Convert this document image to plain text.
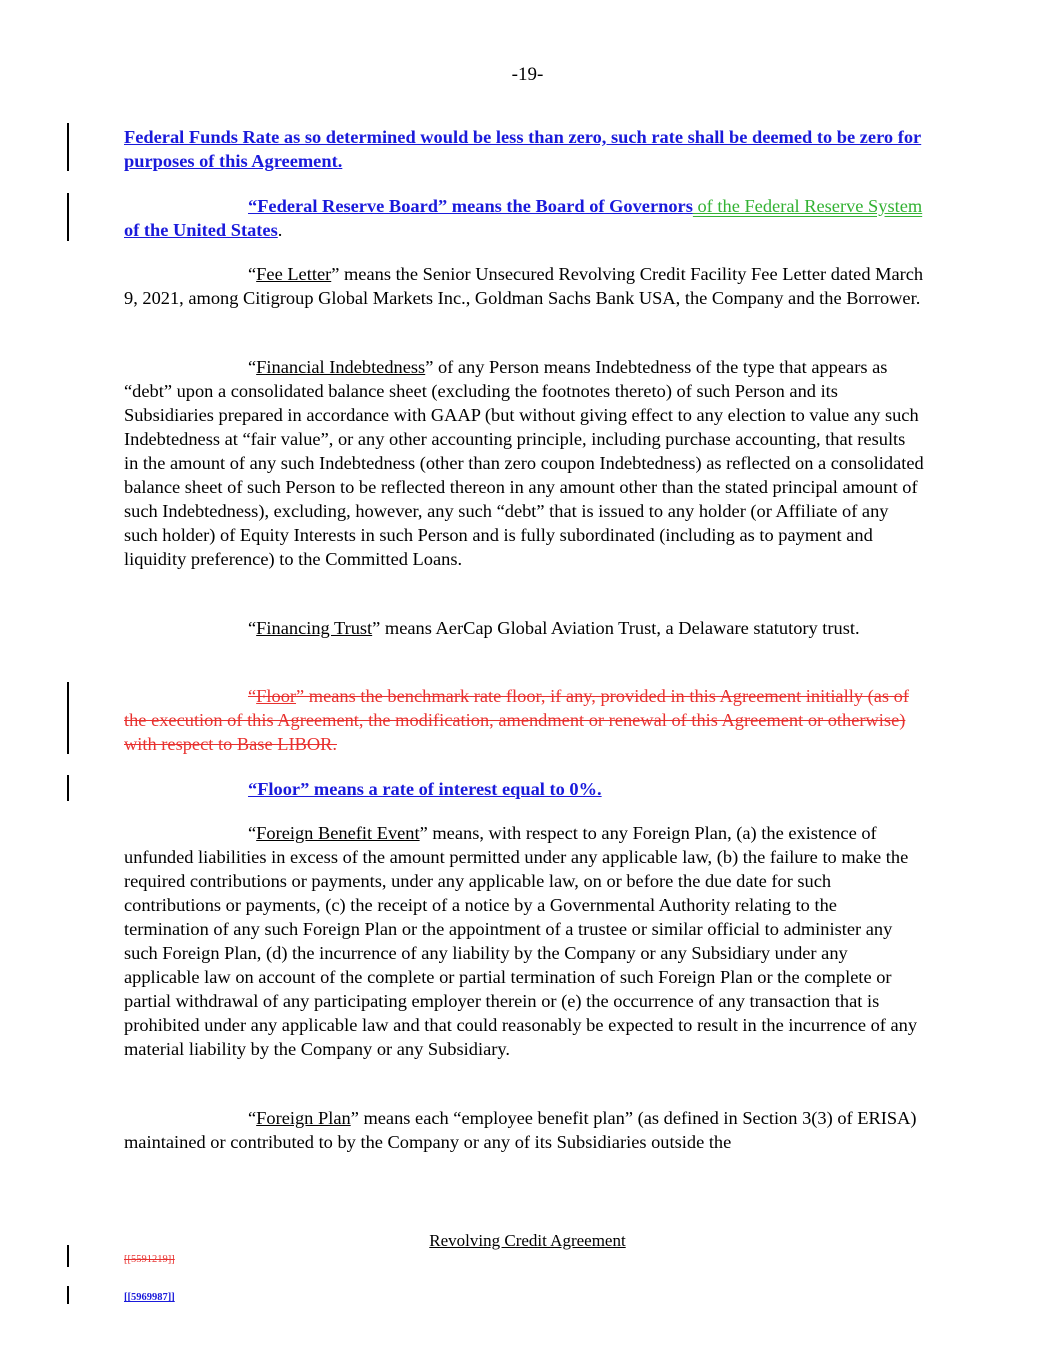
-19-

Federal Funds Rate as so determined would be less than zero, such rate shall be deemed to be zero for purposes of this Agreement.

“Federal Reserve Board” means the Board of Governors of the Federal Reserve System of the United States.

“Fee Letter” means the Senior Unsecured Revolving Credit Facility Fee Letter dated March 9, 2021, among Citigroup Global Markets Inc., Goldman Sachs Bank USA, the Company and the Borrower.

“Financial Indebtedness” of any Person means Indebtedness of the type that appears as “debt” upon a consolidated balance sheet (excluding the footnotes thereto) of such Person and its Subsidiaries prepared in accordance with GAAP (but without giving effect to any election to value any such Indebtedness at “fair value”, or any other accounting principle, including purchase accounting, that results in the amount of any such Indebtedness (other than zero coupon Indebtedness) as reflected on a consolidated balance sheet of such Person to be reflected thereon in any amount other than the stated principal amount of such Indebtedness), excluding, however, any such “debt” that is issued to any holder (or Affiliate of any such holder) of Equity Interests in such Person and is fully subordinated (including as to payment and liquidity preference) to the Committed Loans.

“Financing Trust” means AerCap Global Aviation Trust, a Delaware statutory trust.

“Floor” means the benchmark rate floor, if any, provided in this Agreement initially (as of the execution of this Agreement, the modification, amendment or renewal of this Agreement or otherwise) with respect to Base LIBOR.

“Floor” means a rate of interest equal to 0%.

“Foreign Benefit Event” means, with respect to any Foreign Plan, (a) the existence of unfunded liabilities in excess of the amount permitted under any applicable law, (b) the failure to make the required contributions or payments, under any applicable law, on or before the due date for such contributions or payments, (c) the receipt of a notice by a Governmental Authority relating to the termination of any such Foreign Plan or the appointment of a trustee or similar official to administer any such Foreign Plan, (d) the incurrence of any liability by the Company or any Subsidiary under any applicable law on account of the complete or partial termination of such Foreign Plan or the complete or partial withdrawal of any participating employer therein or (e) the occurrence of any transaction that is prohibited under any applicable law and that could reasonably be expected to result in the incurrence of any material liability by the Company or any Subsidiary.

“Foreign Plan” means each “employee benefit plan” (as defined in Section 3(3) of ERISA) maintained or contributed to by the Company or any of its Subsidiaries outside the

Revolving Credit Agreement
[[5591219]]
[[5969987]]
